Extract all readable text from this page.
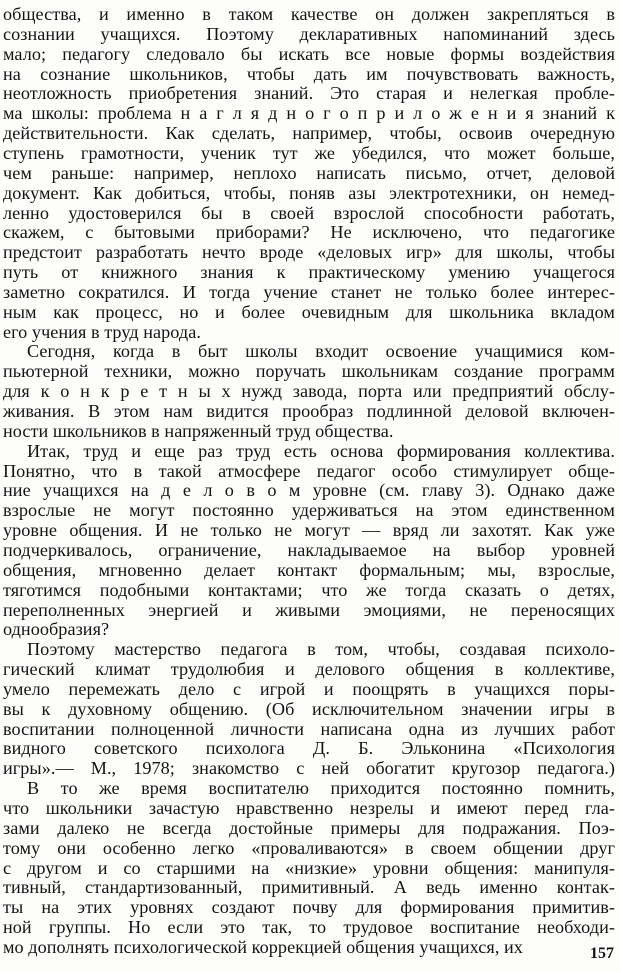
общества, и именно в таком качестве он должен закрепляться в
сознании учащихся. Поэтому декларативных напоминаний здесь
мало; педагогу следовало бы искать все новые формы воздействия
на сознание школьников, чтобы дать им почувствовать важность,
неотложность приобретения знаний. Это старая и нелегкая пробле-
ма школы: проблема н а г л я д н о г о п р и л о ж е н и я знаний к
действительности. Как сделать, например, чтобы, освоив очередную
ступень грамотности, ученик тут же убедился, что может больше,
чем раньше: например, неплохо написать письмо, отчет, деловой
документ. Как добиться, чтобы, поняв азы электротехники, он немед-
ленно удостоверился бы в своей взрослой способности работать,
скажем, с бытовыми приборами? Не исключено, что педагогике
предстоит разработать нечто вроде «деловых игр» для школы, чтобы
путь от книжного знания к практическому умению учащегося
заметно сократился. И тогда учение станет не только более интерес-
ным как процесс, но и более очевидным для школьника вкладом
его учения в труд народа.
Сегодня, когда в быт школы входит освоение учащимися ком-
пьютерной техники, можно поручать школьникам создание программ
для к о н к р е т н ы х нужд завода, порта или предприятий обслу-
живания. В этом нам видится прообраз подлинной деловой включен-
ности школьников в напряженный труд общества.
Итак, труд и еще раз труд есть основа формирования коллектива.
Понятно, что в такой атмосфере педагог особо стимулирует обще-
ние учащихся на д е л о в о м уровне (см. главу 3). Однако даже
взрослые не могут постоянно удерживаться на этом единственном
уровне общения. И не только не могут — вряд ли захотят. Как уже
подчеркивалось, ограничение, накладываемое на выбор уровней
общения, мгновенно делает контакт формальным; мы, взрослые,
тяготимся подобными контактами; что же тогда сказать о детях,
переполненных энергией и живыми эмоциями, не переносящих
однообразия?
Поэтому мастерство педагога в том, чтобы, создавая психоло-
гический климат трудолюбия и делового общения в коллективе,
умело перемежать дело с игрой и поощрять в учащихся поры-
вы к духовному общению. (Об исключительном значении игры в
воспитании полноценной личности написана одна из лучших работ
видного советского психолога Д. Б. Эльконина «Психология
игры».— М., 1978; знакомство с ней обогатит кругозор педагога.)
В то же время воспитателю приходится постоянно помнить,
что школьники зачастую нравственно незрелы и имеют перед гла-
зами далеко не всегда достойные примеры для подражания. Поэ-
тому они особенно легко «проваливаются» в своем общении друг
с другом и со старшими на «низкие» уровни общения: манипуля-
тивный, стандартизованный, примитивный. А ведь именно контак-
ты на этих уровнях создают почву для формирования примитив-
ной группы. Но если это так, то трудовое воспитание необходи-
мо дополнять психологической коррекцией общения учащихся, их	157
